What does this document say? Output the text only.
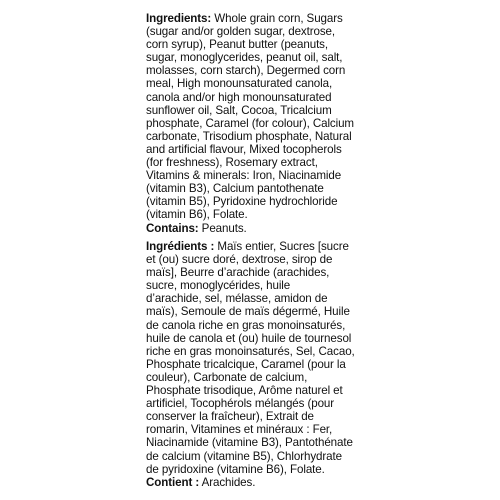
Ingredients: Whole grain corn, Sugars
(sugar and/or golden sugar, dextrose,
corn syrup), Peanut butter (peanuts,
sugar, monoglycerides, peanut oil, salt,
molasses, corn starch), Degermed corn
meal, High monounsaturated canola,
canola and/or high monounsaturated
sunflower oil, Salt, Cocoa, Tricalcium
phosphate, Caramel (for colour), Calcium
carbonate, Trisodium phosphate, Natural
and artificial flavour, Mixed tocopherols
(for freshness), Rosemary extract,
Vitamins & minerals: Iron, Niacinamide
(vitamin B3), Calcium pantothenate
(vitamin B5), Pyridoxine hydrochloride
(vitamin B6), Folate.
Contains: Peanuts.
Ingrédients : Maïs entier, Sucres [sucre
et (ou) sucre doré, dextrose, sirop de
maïs], Beurre d’arachide (arachides,
sucre, monoglycérides, huile
d’arachide, sel, mélasse, amidon de
maïs), Semoule de maïs dégermé, Huile
de canola riche en gras monoinsaturés,
huile de canola et (ou) huile de tournesol
riche en gras monoinsaturés, Sel, Cacao,
Phosphate tricalcique, Caramel (pour la
couleur), Carbonate de calcium,
Phosphate trisodique, Arôme naturel et
artificiel, Tocophérols mélangés (pour
conserver la fraîcheur), Extrait de
romarin, Vitamines et minéraux : Fer,
Niacinamide (vitamine B3), Pantothénate
de calcium (vitamine B5), Chlorhydrate
de pyridoxine (vitamine B6), Folate.
Contient : Arachides.
